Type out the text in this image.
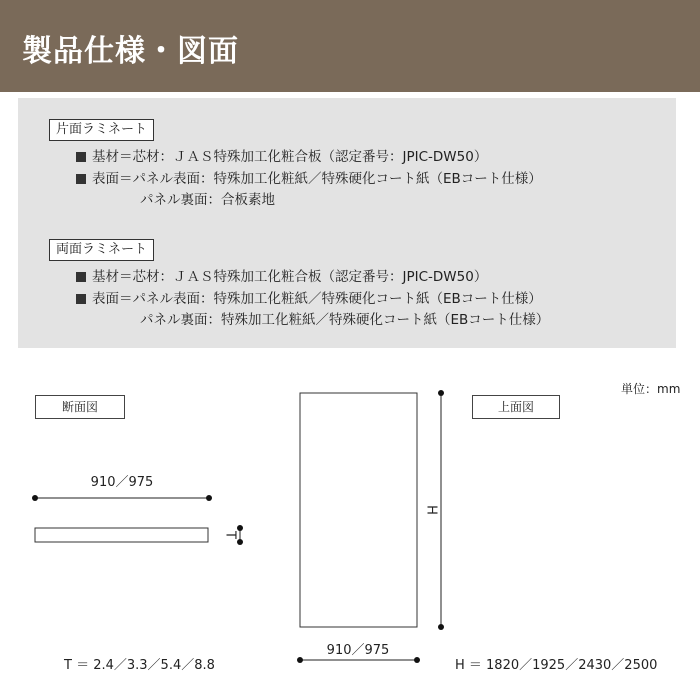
製品仕様・図面
片面ラミネート
基材＝芯材：ＪＡＳ特殊加工化粧合板（認定番号：JPIC-DW50）
表面＝パネル表面：特殊加工化粧紙／特殊硬化コート紙（EBコート仕様）
パネル裏面：合板素地
両面ラミネート
基材＝芯材：ＪＡＳ特殊加工化粧合板（認定番号：JPIC-DW50）
表面＝パネル表面：特殊加工化粧紙／特殊硬化コート紙（EBコート仕様）
パネル裏面：特殊加工化粧紙／特殊硬化コート紙（EBコート仕様）
単位：mm
断面図	上面図
910／975
T
H
910／975
T ＝ 2.4／3.3／5.4／8.8	H ＝ 1820／1925／2430／2500
